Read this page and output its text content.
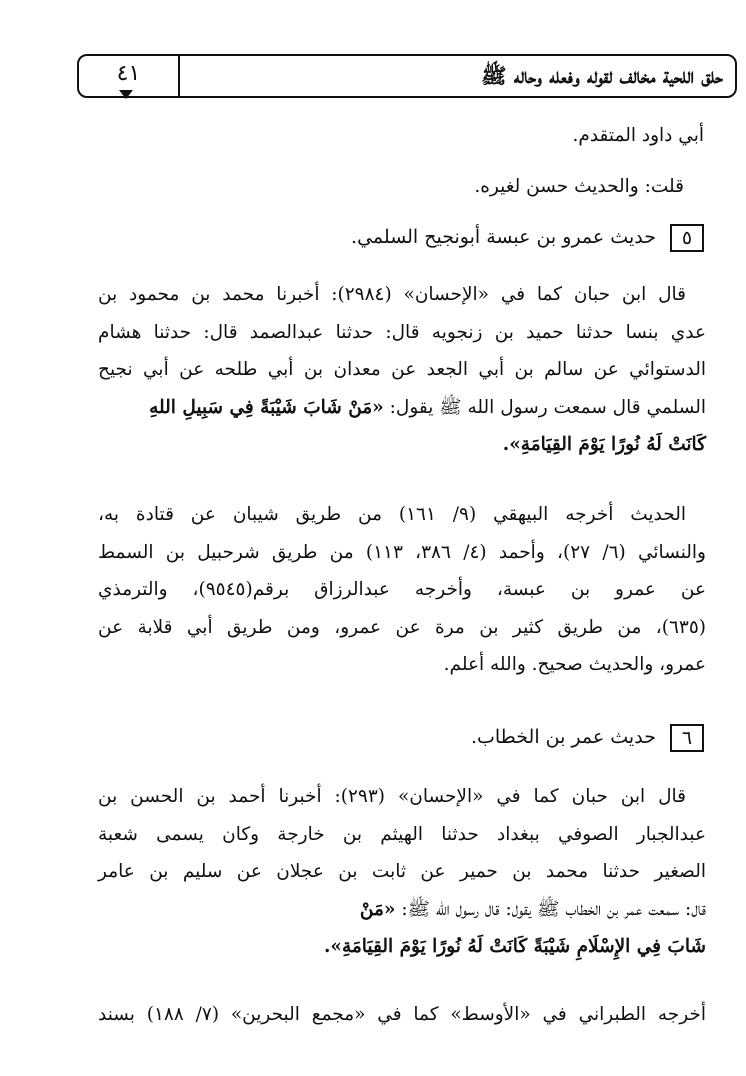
حلق اللحية مخالف لقوله وفعله وحاله ﷺ
٤١
أبي داود المتقدم.
قلت: والحديث حسن لغيره.
٥ حديث عمرو بن عبسة أبونجيح السلمي.
قال ابن حبان كما في «الإحسان» (٢٩٨٤): أخبرنا محمد بن محمود بن
عدي بنسا حدثنا حميد بن زنجويه قال: حدثنا عبدالصمد قال: حدثنا هشام
الدستوائي عن سالم بن أبي الجعد عن معدان بن أبي طلحه عن أبي نجيح
السلمي قال سمعت رسول الله ﷺ يقول: «مَنْ شَابَ شَيْبَةً فِي سَبِيلِ اللهِ
كَانَتْ لَهُ نُورًا يَوْمَ القِيَامَةِ».
الحديث أخرجه البيهقي (٩/ ١٦١) من طريق شيبان عن قتادة به،
والنسائي (٦/ ٢٧)، وأحمد (٤/ ٣٨٦، ١١٣) من طريق شرحبيل بن السمط
عن عمرو بن عبسة، وأخرجه عبدالرزاق برقم(٩٥٤٥)، والترمذي
(٦٣٥)، من طريق كثير بن مرة عن عمرو، ومن طريق أبي قلابة عن
عمرو، والحديث صحيح. والله أعلم.
٦ حديث عمر بن الخطاب.
قال ابن حبان كما في «الإحسان» (٢٩٣): أخبرنا أحمد بن الحسن بن
عبدالجبار الصوفي ببغداد حدثنا الهيثم بن خارجة وكان يسمى شعبة
الصغير حدثنا محمد بن حمير عن ثابت بن عجلان عن سليم بن عامر
قال: سمعت عمر بن الخطاب ﷺ يقول: قال رسول الله ﷺ: «مَنْ
شَابَ فِي الإِسْلَامِ شَيْبَةً كَانَتْ لَهُ نُورًا يَوْمَ القِيَامَةِ».
أخرجه الطبراني في «الأوسط» كما في «مجمع البحرين» (٧/ ١٨٨) بسند
